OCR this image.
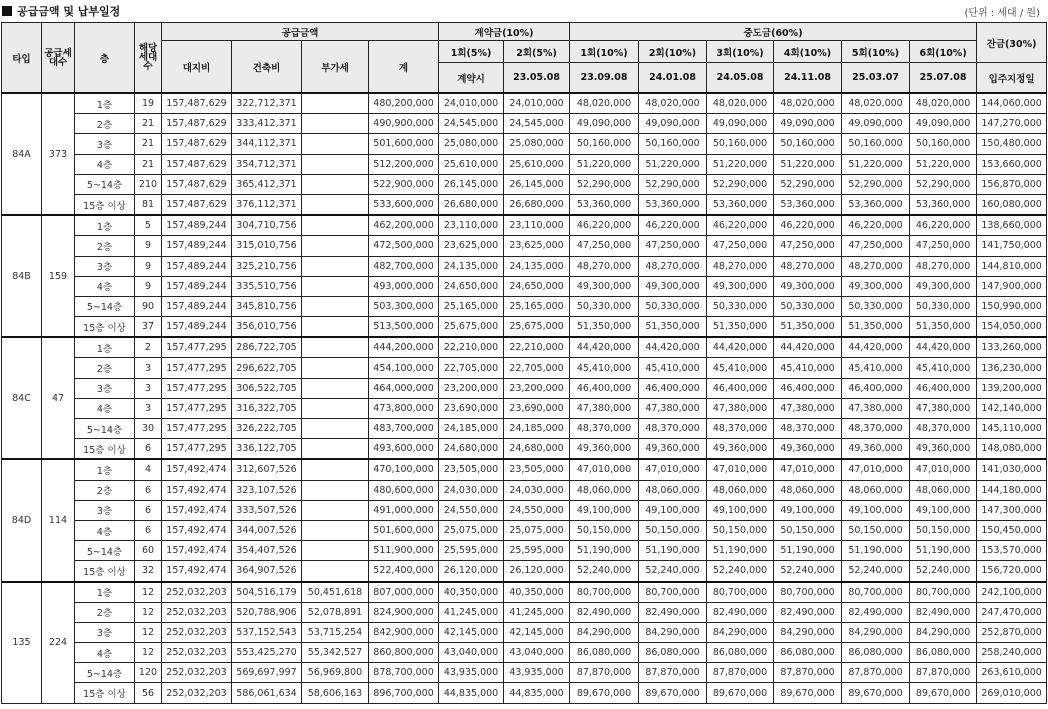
공급금액 및 납부일정	(단위 : 세대 / 원)
타입	공급세대수	층	해당세대수	공급금액				계약금(10%)		중도금(60%)						잔금(30%)
				대지비	건축비	부가세	계	1회(5%)	2회(5%)	1회(10%)	2회(10%)	3회(10%)	4회(10%)	5회(10%)	6회(10%)	
								계약시	23.05.08	23.09.08	24.01.08	24.05.08	24.11.08	25.03.07	25.07.08	입주지정일
84A	373	1층	19	157,487,629	322,712,371		480,200,000	24,010,000	24,010,000	48,020,000	48,020,000	48,020,000	48,020,000	48,020,000	48,020,000	144,060,000
		2층	21	157,487,629	333,412,371		490,900,000	24,545,000	24,545,000	49,090,000	49,090,000	49,090,000	49,090,000	49,090,000	49,090,000	147,270,000
		3층	21	157,487,629	344,112,371		501,600,000	25,080,000	25,080,000	50,160,000	50,160,000	50,160,000	50,160,000	50,160,000	50,160,000	150,480,000
		4층	21	157,487,629	354,712,371		512,200,000	25,610,000	25,610,000	51,220,000	51,220,000	51,220,000	51,220,000	51,220,000	51,220,000	153,660,000
		5~14층	210	157,487,629	365,412,371		522,900,000	26,145,000	26,145,000	52,290,000	52,290,000	52,290,000	52,290,000	52,290,000	52,290,000	156,870,000
		15층 이상	81	157,487,629	376,112,371		533,600,000	26,680,000	26,680,000	53,360,000	53,360,000	53,360,000	53,360,000	53,360,000	53,360,000	160,080,000
84B	159	1층	5	157,489,244	304,710,756		462,200,000	23,110,000	23,110,000	46,220,000	46,220,000	46,220,000	46,220,000	46,220,000	46,220,000	138,660,000
		2층	9	157,489,244	315,010,756		472,500,000	23,625,000	23,625,000	47,250,000	47,250,000	47,250,000	47,250,000	47,250,000	47,250,000	141,750,000
		3층	9	157,489,244	325,210,756		482,700,000	24,135,000	24,135,000	48,270,000	48,270,000	48,270,000	48,270,000	48,270,000	48,270,000	144,810,000
		4층	9	157,489,244	335,510,756		493,000,000	24,650,000	24,650,000	49,300,000	49,300,000	49,300,000	49,300,000	49,300,000	49,300,000	147,900,000
		5~14층	90	157,489,244	345,810,756		503,300,000	25,165,000	25,165,000	50,330,000	50,330,000	50,330,000	50,330,000	50,330,000	50,330,000	150,990,000
		15층 이상	37	157,489,244	356,010,756		513,500,000	25,675,000	25,675,000	51,350,000	51,350,000	51,350,000	51,350,000	51,350,000	51,350,000	154,050,000
84C	47	1층	2	157,477,295	286,722,705		444,200,000	22,210,000	22,210,000	44,420,000	44,420,000	44,420,000	44,420,000	44,420,000	44,420,000	133,260,000
		2층	3	157,477,295	296,622,705		454,100,000	22,705,000	22,705,000	45,410,000	45,410,000	45,410,000	45,410,000	45,410,000	45,410,000	136,230,000
		3층	3	157,477,295	306,522,705		464,000,000	23,200,000	23,200,000	46,400,000	46,400,000	46,400,000	46,400,000	46,400,000	46,400,000	139,200,000
		4층	3	157,477,295	316,322,705		473,800,000	23,690,000	23,690,000	47,380,000	47,380,000	47,380,000	47,380,000	47,380,000	47,380,000	142,140,000
		5~14층	30	157,477,295	326,222,705		483,700,000	24,185,000	24,185,000	48,370,000	48,370,000	48,370,000	48,370,000	48,370,000	48,370,000	145,110,000
		15층 이상	6	157,477,295	336,122,705		493,600,000	24,680,000	24,680,000	49,360,000	49,360,000	49,360,000	49,360,000	49,360,000	49,360,000	148,080,000
84D	114	1층	4	157,492,474	312,607,526		470,100,000	23,505,000	23,505,000	47,010,000	47,010,000	47,010,000	47,010,000	47,010,000	47,010,000	141,030,000
		2층	6	157,492,474	323,107,526		480,600,000	24,030,000	24,030,000	48,060,000	48,060,000	48,060,000	48,060,000	48,060,000	48,060,000	144,180,000
		3층	6	157,492,474	333,507,526		491,000,000	24,550,000	24,550,000	49,100,000	49,100,000	49,100,000	49,100,000	49,100,000	49,100,000	147,300,000
		4층	6	157,492,474	344,007,526		501,600,000	25,075,000	25,075,000	50,150,000	50,150,000	50,150,000	50,150,000	50,150,000	50,150,000	150,450,000
		5~14층	60	157,492,474	354,407,526		511,900,000	25,595,000	25,595,000	51,190,000	51,190,000	51,190,000	51,190,000	51,190,000	51,190,000	153,570,000
		15층 이상	32	157,492,474	364,907,526		522,400,000	26,120,000	26,120,000	52,240,000	52,240,000	52,240,000	52,240,000	52,240,000	52,240,000	156,720,000
135	224	1층	12	252,032,203	504,516,179	50,451,618	807,000,000	40,350,000	40,350,000	80,700,000	80,700,000	80,700,000	80,700,000	80,700,000	80,700,000	242,100,000
		2층	12	252,032,203	520,788,906	52,078,891	824,900,000	41,245,000	41,245,000	82,490,000	82,490,000	82,490,000	82,490,000	82,490,000	82,490,000	247,470,000
		3층	12	252,032,203	537,152,543	53,715,254	842,900,000	42,145,000	42,145,000	84,290,000	84,290,000	84,290,000	84,290,000	84,290,000	84,290,000	252,870,000
		4층	12	252,032,203	553,425,270	55,342,527	860,800,000	43,040,000	43,040,000	86,080,000	86,080,000	86,080,000	86,080,000	86,080,000	86,080,000	258,240,000
		5~14층	120	252,032,203	569,697,997	56,969,800	878,700,000	43,935,000	43,935,000	87,870,000	87,870,000	87,870,000	87,870,000	87,870,000	87,870,000	263,610,000
		15층 이상	56	252,032,203	586,061,634	58,606,163	896,700,000	44,835,000	44,835,000	89,670,000	89,670,000	89,670,000	89,670,000	89,670,000	89,670,000	269,010,000
